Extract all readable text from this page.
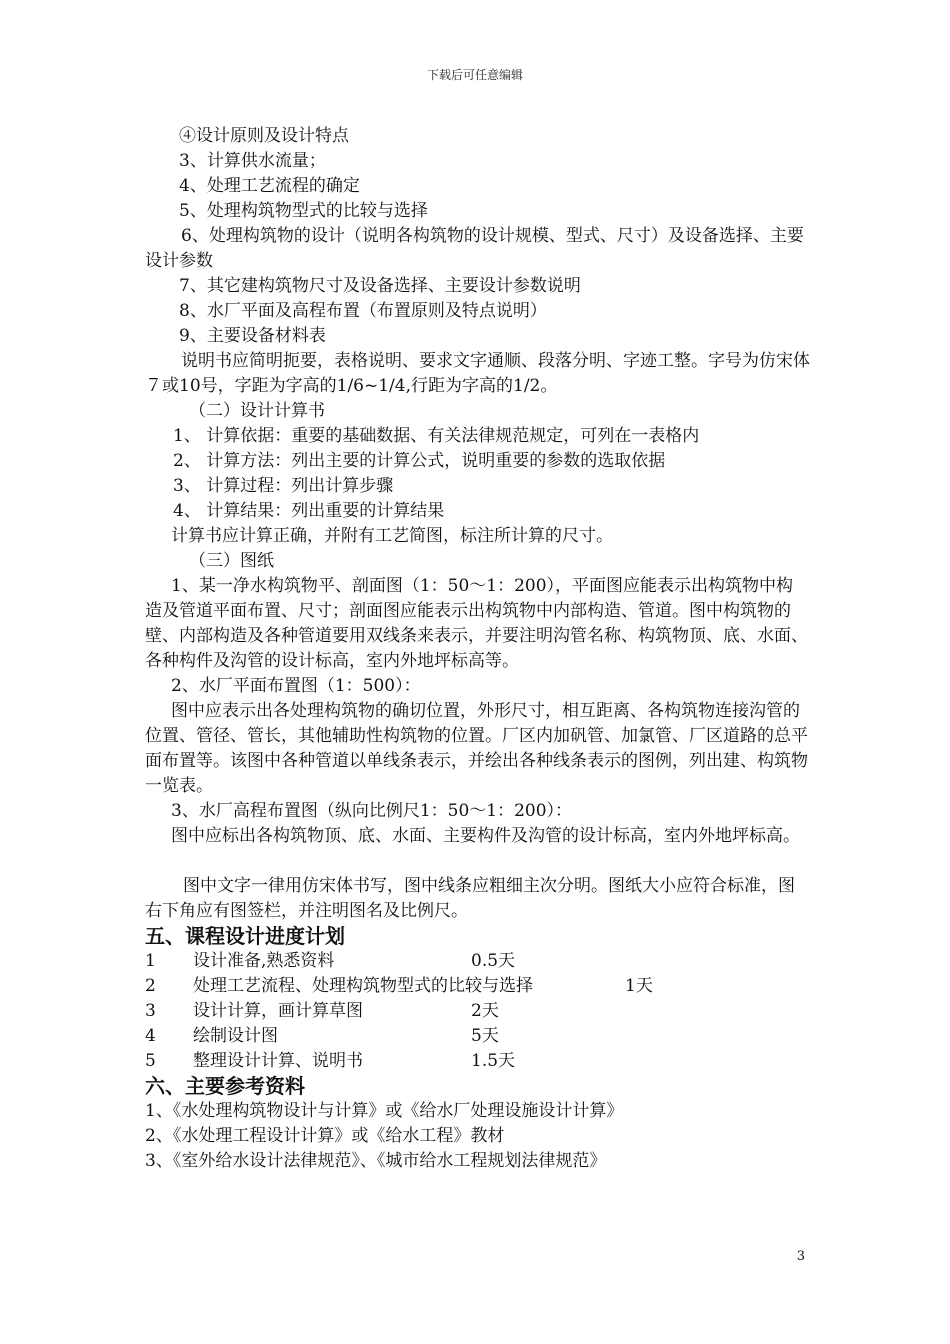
下载后可任意编辑

④设计原则及设计特点

3、计算供水流量；

4、处理工艺流程的确定

5、处理构筑物型式的比较与选择

6、处理构筑物的设计（说明各构筑物的设计规模、型式、尺寸）及设备选择、主要设计参数

7、其它建构筑物尺寸及设备选择、主要设计参数说明

8、水厂平面及高程布置（布置原则及特点说明）

9、主要设备材料表

说明书应简明扼要，表格说明、要求文字通顺、段落分明、字迹工整。字号为仿宋体７或10号，字距为字高的1/6~1/4,行距为字高的1/2。

（二）设计计算书

1、 计算依据：重要的基础数据、有关法律规范规定，可列在一表格内

2、 计算方法：列出主要的计算公式，说明重要的参数的选取依据

3、 计算过程：列出计算步骤

4、 计算结果：列出重要的计算结果

计算书应计算正确，并附有工艺简图，标注所计算的尺寸。

（三）图纸

1、某一净水构筑物平、剖面图（1：50～1：200），平面图应能表示出构筑物中构造及管道平面布置、尺寸；剖面图应能表示出构筑物中内部构造、管道。图中构筑物的壁、内部构造及各种管道要用双线条来表示，并要注明沟管名称、构筑物顶、底、水面、各种构件及沟管的设计标高，室内外地坪标高等。

2、水厂平面布置图（1：500）：

图中应表示出各处理构筑物的确切位置，外形尺寸，相互距离、各构筑物连接沟管的位置、管径、管长，其他辅助性构筑物的位置。厂区内加矾管、加氯管、厂区道路的总平面布置等。该图中各种管道以单线条表示，并绘出各种线条表示的图例，列出建、构筑物一览表。

3、水厂高程布置图（纵向比例尺1：50～1：200）：

图中应标出各构筑物顶、底、水面、主要构件及沟管的设计标高，室内外地坪标高。

图中文字一律用仿宋体书写，图中线条应粗细主次分明。图纸大小应符合标准，图右下角应有图签栏，并注明图名及比例尺。

五、课程设计进度计划
1 设计准备,熟悉资料	0.5天
2 处理工艺流程、处理构筑物型式的比较与选择	1天
3 设计计算，画计算草图	2天
4 绘制设计图	5天
5 整理设计计算、说明书	1.5天
六、主要参考资料

1、《水处理构筑物设计与计算》或《给水厂处理设施设计计算》

2、《水处理工程设计计算》或《给水工程》教材

3、《室外给水设计法律规范》、《城市给水工程规划法律规范》

3
